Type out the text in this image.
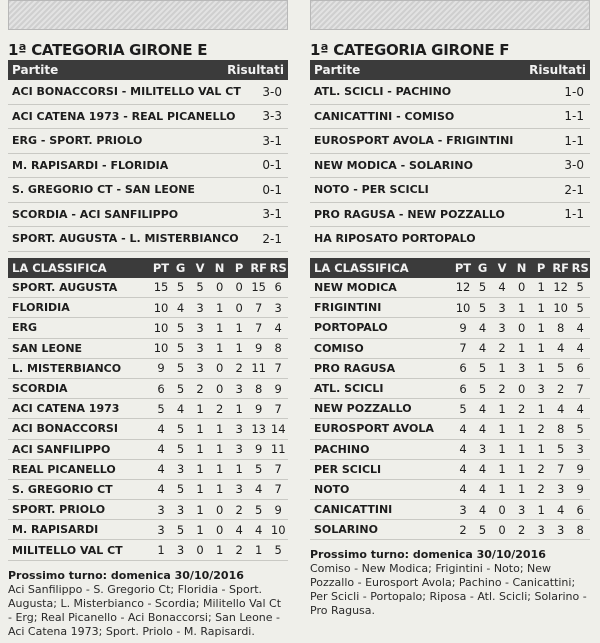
1ª CATEGORIA GIRONE E
Partite	Risultati
ACI BONACCORSI - MILITELLO VAL CT 3-0
ACI CATENA 1973 - REAL PICANELLO 3-3
ERG - SPORT. PRIOLO	3-1
M. RAPISARDI - FLORIDIA	0-1
S. GREGORIO CT - SAN LEONE	0-1
SCORDIA - ACI SANFILIPPO	3-1
SPORT. AUGUSTA - L. MISTERBIANCO 2-1
LA CLASSIFICA	PT	G	V	N	P	RF	RS
SPORT. AUGUSTA	15	5	5	0	0	15	6
FLORIDIA	10	4	3	1	0	7	3
ERG	10	5	3	1	1	7	4
SAN LEONE	10	5	3	1	1	9	8
L. MISTERBIANCO	9	5	3	0	2	11	7
SCORDIA	6	5	2	0	3	8	9
ACI CATENA 1973	5	4	1	2	1	9	7
ACI BONACCORSI	4	5	1	1	3	13	14
ACI SANFILIPPO	4	5	1	1	3	9	11
REAL PICANELLO	4	3	1	1	1	5	7
S. GREGORIO CT	4	5	1	1	3	4	7
SPORT. PRIOLO	3	3	1	0	2	5	9
M. RAPISARDI	3	5	1	0	4	4	10
MILITELLO VAL CT	1	3	0	1	2	1	5
Prossimo turno: domenica 30/10/2016
Aci Sanfilippo - S. Gregorio Ct; Floridia - Sport. Augusta; L. Misterbianco - Scordia; Militello Val Ct - Erg; Real Picanello - Aci Bonaccorsi; San Leone - Aci Catena 1973; Sport. Priolo - M. Rapisardi.
1ª CATEGORIA GIRONE F
Partite	Risultati
ATL. SCICLI - PACHINO	1-0
CANICATTINI - COMISO	1-1
EUROSPORT AVOLA - FRIGINTINI	1-1
NEW MODICA - SOLARINO	3-0
NOTO - PER SCICLI	2-1
PRO RAGUSA - NEW POZZALLO	1-1
HA RIPOSATO PORTOPALO
LA CLASSIFICA	PT	G	V	N	P	RF	RS
NEW MODICA	12	5	4	0	1	12	5
FRIGINTINI	10	5	3	1	1	10	5
PORTOPALO	9	4	3	0	1	8	4
COMISO	7	4	2	1	1	4	4
PRO RAGUSA	6	5	1	3	1	5	6
ATL. SCICLI	6	5	2	0	3	2	7
NEW POZZALLO	5	4	1	2	1	4	4
EUROSPORT AVOLA	4	4	1	1	2	8	5
PACHINO	4	3	1	1	1	5	3
PER SCICLI	4	4	1	1	2	7	9
NOTO	4	4	1	1	2	3	9
CANICATTINI	3	4	0	3	1	4	6
SOLARINO	2	5	0	2	3	3	8
Prossimo turno: domenica 30/10/2016
Comiso - New Modica; Frigintini - Noto; New Pozzallo - Eurosport Avola; Pachino - Canicattini; Per Scicli - Portopalo; Riposa - Atl. Scicli; Solarino - Pro Ragusa.
